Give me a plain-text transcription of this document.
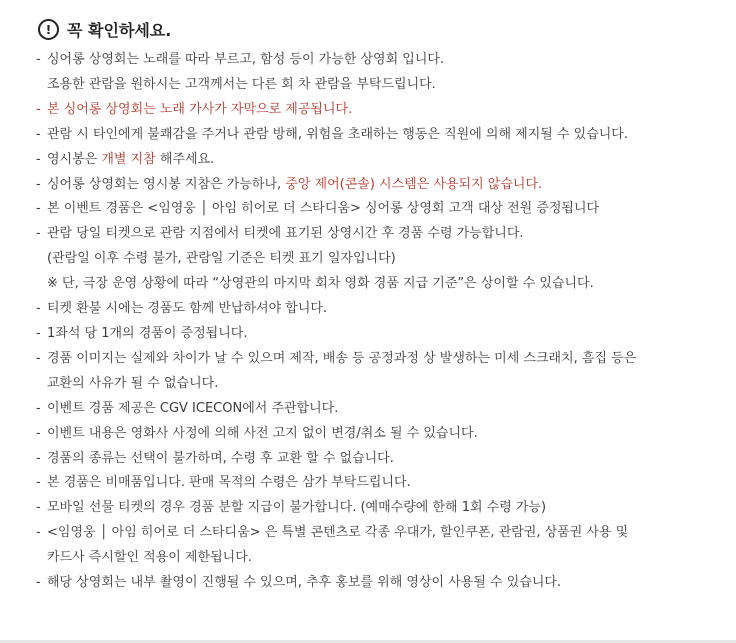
! 꼭 확인하세요.
- 싱어롱 상영회는 노래를 따라 부르고, 함성 등이 가능한 상영회 입니다.
조용한 관람을 원하시는 고객께서는 다른 회 차 관람을 부탁드립니다.
- 본 싱어롱 상영회는 노래 가사가 자막으로 제공됩니다.
- 관람 시 타인에게 불쾌감을 주거나 관람 방해, 위험을 초래하는 행동은 직원에 의해 제지될 수 있습니다.
- 영시봉은 개별 지참 해주세요.
- 싱어롱 상영회는 영시봉 지참은 가능하나, 중앙 제어(콘솔) 시스템은 사용되지 않습니다.
- 본 이벤트 경품은 <임영웅 │ 아임 히어로 더 스타디움> 싱어롱 상영회 고객 대상 전원 증정됩니다
- 관람 당일 티켓으로 관람 지점에서 티켓에 표기된 상영시간 후 경품 수령 가능합니다.
(관람일 이후 수령 불가, 관람일 기준은 티켓 표기 일자입니다)
※ 단, 극장 운영 상황에 따라 “상영관의 마지막 회차 영화 경품 지급 기준”은 상이할 수 있습니다.
- 티켓 환불 시에는 경품도 함께 반납하셔야 합니다.
- 1좌석 당 1개의 경품이 증정됩니다.
- 경품 이미지는 실제와 차이가 날 수 있으며 제작, 배송 등 공정과정 상 발생하는 미세 스크래치, 흠집 등은
교환의 사유가 될 수 없습니다.
- 이벤트 경품 제공은 CGV ICECON에서 주관합니다.
- 이벤트 내용은 영화사 사정에 의해 사전 고지 없이 변경/취소 될 수 있습니다.
- 경품의 종류는 선택이 불가하며, 수령 후 교환 할 수 없습니다.
- 본 경품은 비매품입니다. 판매 목적의 수령은 삼가 부탁드립니다.
- 모바일 선물 티켓의 경우 경품 분할 지급이 불가합니다. (예매수량에 한해 1회 수령 가능)
- <임영웅 │ 아임 히어로 더 스타디움> 은 특별 콘텐츠로 각종 우대가, 할인쿠폰, 관람권, 상품권 사용 및
카드사 즉시할인 적용이 제한됩니다.
- 해당 상영회는 내부 촬영이 진행될 수 있으며, 추후 홍보를 위해 영상이 사용될 수 있습니다.
